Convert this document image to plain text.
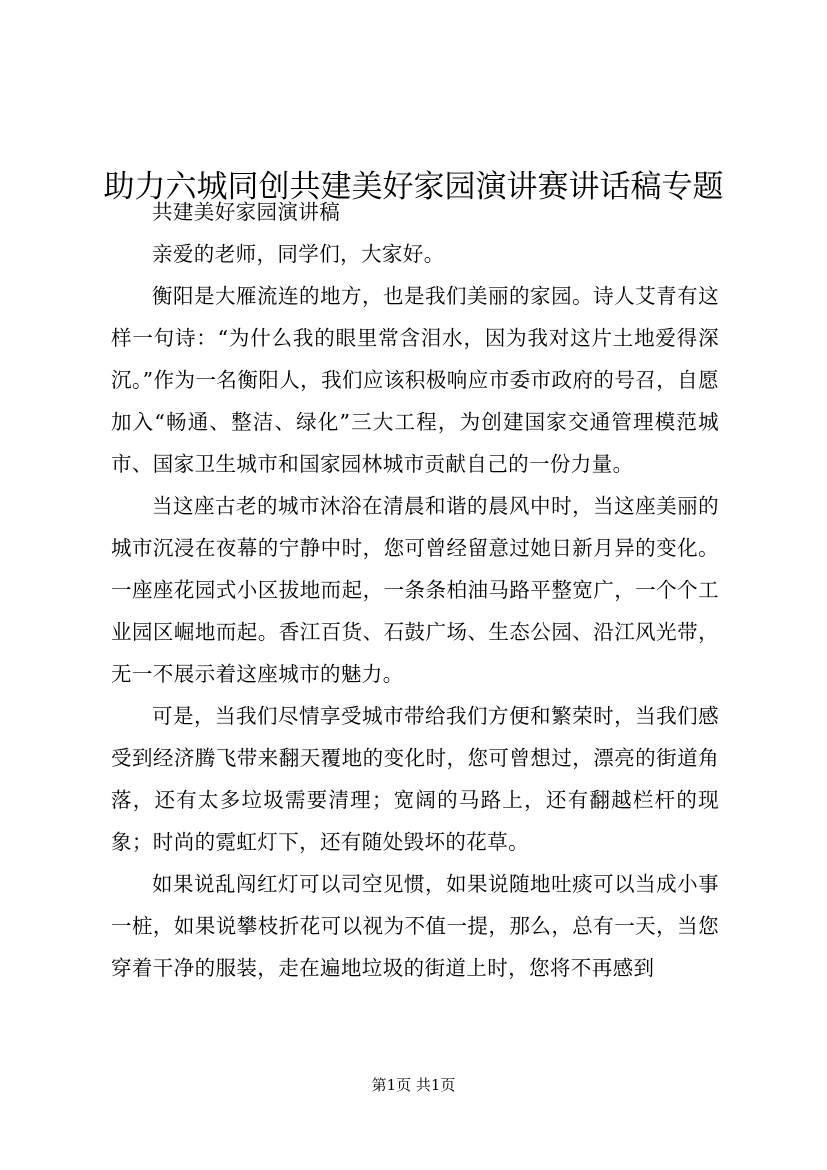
助力六城同创共建美好家园演讲赛讲话稿专题

共建美好家园演讲稿

亲爱的老师，同学们，大家好。

衡阳是大雁流连的地方，也是我们美丽的家园。诗人艾青有这样一句诗：“为什么我的眼里常含泪水，因为我对这片土地爱得深沉。”作为一名衡阳人，我们应该积极响应市委市政府的号召，自愿加入“畅通、整洁、绿化”三大工程，为创建国家交通管理模范城市、国家卫生城市和国家园林城市贡献自己的一份力量。

当这座古老的城市沐浴在清晨和谐的晨风中时，当这座美丽的城市沉浸在夜幕的宁静中时，您可曾经留意过她日新月异的变化。一座座花园式小区拔地而起，一条条柏油马路平整宽广，一个个工业园区崛地而起。香江百货、石鼓广场、生态公园、沿江风光带，无一不展示着这座城市的魅力。

可是，当我们尽情享受城市带给我们方便和繁荣时，当我们感受到经济腾飞带来翻天覆地的变化时，您可曾想过，漂亮的街道角落，还有太多垃圾需要清理；宽阔的马路上，还有翻越栏杆的现象；时尚的霓虹灯下，还有随处毁坏的花草。

如果说乱闯红灯可以司空见惯，如果说随地吐痰可以当成小事一桩，如果说攀枝折花可以视为不值一提，那么，总有一天，当您穿着干净的服装，走在遍地垃圾的街道上时，您将不再感到

第1页 共1页
